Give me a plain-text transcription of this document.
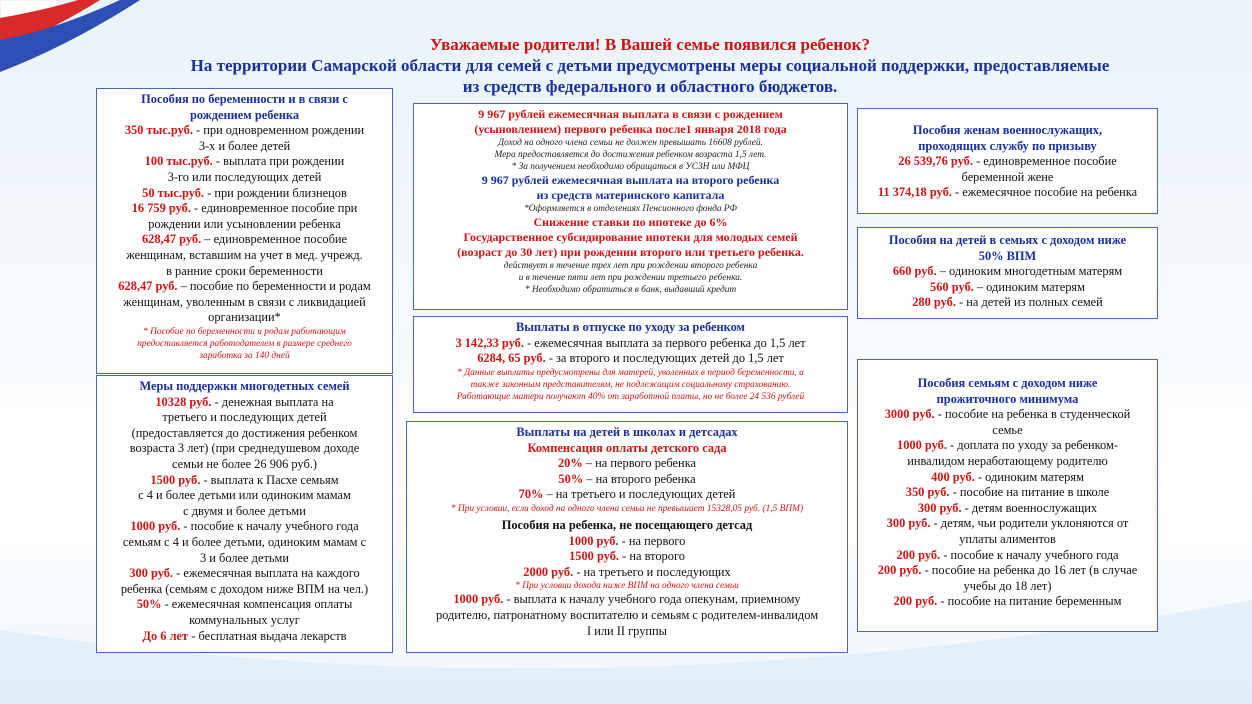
Уважаемые родители! В Вашей семье появился ребенок?
На территории Самарской области для семей с детьми предусмотрены меры социальной поддержки, предоставляемые
из средств федерального и областного бюджетов.

Пособия по беременности и в связи с

рождением ребенка

350 тыс.руб. - при одновременном рождении

3-х и более детей

100 тыс.руб. - выплата при рождении

3-го или последующих детей

50 тыс.руб. - при рождении близнецов

16 759 руб. - единовременное пособие при

рождении или усыновлении ребенка

628,47 руб. – единовременное пособие

женщинам, вставшим на учет в мед. учрежд.

в ранние сроки беременности

628,47 руб. – пособие по беременности и родам

женщинам, уволенным в связи с ликвидацией

организации*

* Пособие по беременности и родам работающим

предоставляется работодателем в размере среднего

заработка за 140 дней

Меры поддержки многодетных семей

10328 руб. - денежная выплата на

третьего и последующих детей

(предоставляется до достижения ребенком

возраста 3 лет) (при среднедушевом доходе

семьи не более 26 906 руб.)

1500 руб. - выплата к Пасхе семьям

с 4 и более детьми или одиноким мамам

с двумя и более детьми

1000 руб. - пособие к началу учебного года

семьям с 4 и более детьми, одиноким мамам с

3 и более детьми

300 руб. - ежемесячная выплата на каждого

ребенка (семьям с доходом ниже ВПМ на чел.)

50% - ежемесячная компенсация оплаты

коммунальных услуг

До 6 лет - бесплатная выдача лекарств

9 967 рублей ежемесячная выплата в связи с рождением

(усыновлением) первого ребенка после1 января 2018 года

Доход на одного члена семьи не должен превышать 16608 рублей.

Мера предоставляется до достижения ребенком возраста 1,5 лет.

* За получением необходимо обращаться в УСЗН или МФЦ

9 967 рублей ежемесячная выплата на второго ребенка

из средств материнского капитала

*Оформляется в отделениях Пенсионного фонда РФ

Снижение ставки по ипотеке до 6%

Государственное субсидирование ипотеки для молодых семей

(возраст до 30 лет) при рождении второго или третьего ребенка.

действует в течение трех лет при рождении второго ребенка

и в течение пяти лет при рождении третьего ребенка.

* Необходимо обратиться в банк, выдавший кредит

Выплаты в отпуске по уходу за ребенком

3 142,33 руб. - ежемесячная выплата за первого ребенка до 1,5 лет

6284, 65 руб. - за второго и последующих детей до 1,5 лет

* Данные выплаты предусмотрены для матерей, уволенных в период беременности, а

также законным представителям, не подлежащим социальному страхованию.

Работающие матери получают 40% от заработной платы, но не более 24 536 рублей

Выплаты на детей в школах и детсадах

Компенсация оплаты детского сада

20% – на первого ребенка

50% – на второго ребенка

70% – на третьего и последующих детей

* При условии, если доход на одного члена семьи не превышает 15328,05 руб. (1,5 ВПМ)

Пособия на ребенка, не посещающего детсад

1000 руб. - на первого

1500 руб. - на второго

2000 руб. - на третьего и последующих

* При условии дохода ниже ВПМ на одного члена семьи

1000 руб. - выплата к началу учебного года опекунам, приемному

родителю, патронатному воспитателю и семьям с родителем-инвалидом

I или II группы

Пособия женам военнослужащих,

проходящих службу по призыву

26 539,76 руб. - единовременное пособие

беременной жене

11 374,18 руб. - ежемесячное пособие на ребенка

Пособия на детей в семьях с доходом ниже

50% ВПМ

660 руб. – одиноким многодетным матерям

560 руб. – одиноким матерям

280 руб. - на детей из полных семей

Пособия семьям с доходом ниже

прожиточного минимума

3000 руб. - пособие на ребенка в студенческой

семье

1000 руб. - доплата по уходу за ребенком-

инвалидом неработающему родителю

400 руб. - одиноким матерям

350 руб. - пособие на питание в школе

300 руб. - детям военнослужащих

300 руб. - детям, чьи родители уклоняются от

уплаты алиментов

200 руб. - пособие к началу учебного года

200 руб. - пособие на ребенка до 16 лет (в случае

учебы до 18 лет)

200 руб. - пособие на питание беременным
